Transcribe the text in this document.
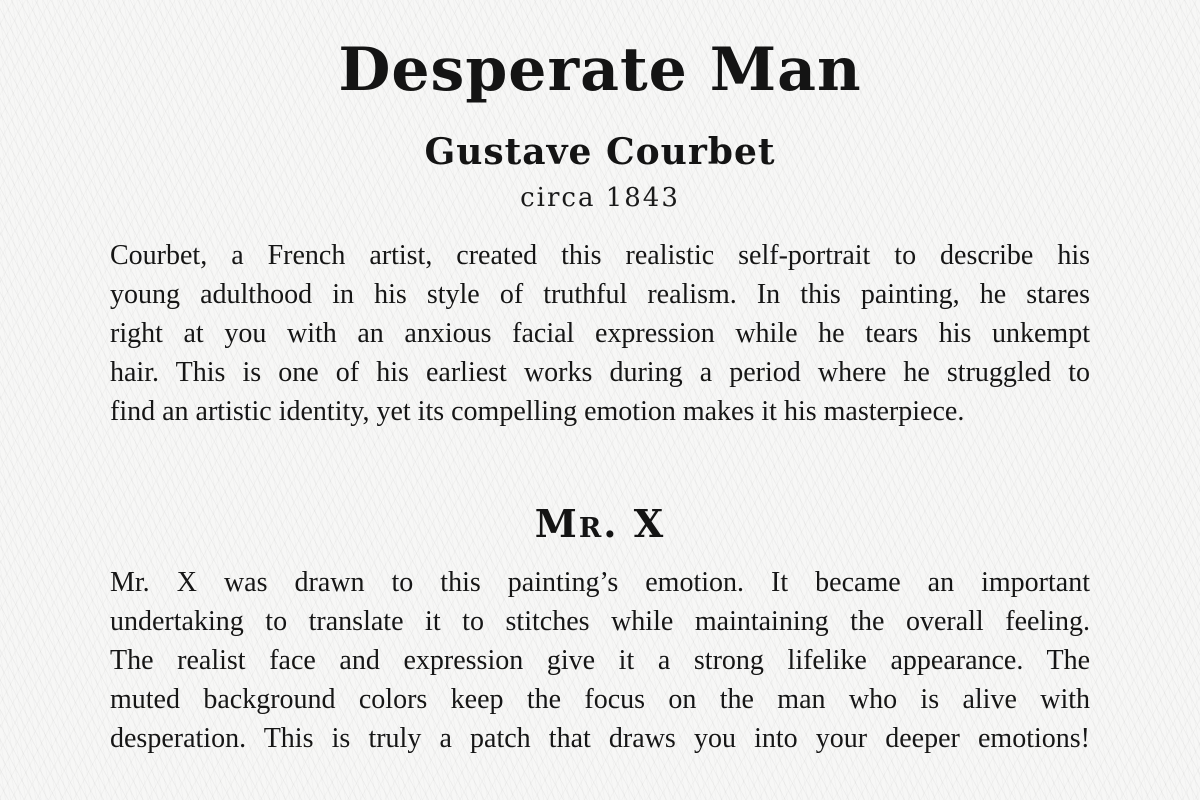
Desperate Man
Gustave Courbet
circa 1843
Courbet, a French artist, created this realistic self-portrait to describe his
young adulthood in his style of truthful realism. In this painting, he stares
right at you with an anxious facial expression while he tears his unkempt
hair. This is one of his earliest works during a period where he struggled to
find an artistic identity, yet its compelling emotion makes it his masterpiece.
Mr. X
Mr. X was drawn to this painting’s emotion. It became an important
undertaking to translate it to stitches while maintaining the overall feeling.
The realist face and expression give it a strong lifelike appearance. The
muted background colors keep the focus on the man who is alive with
desperation. This is truly a patch that draws you into your deeper emotions!
